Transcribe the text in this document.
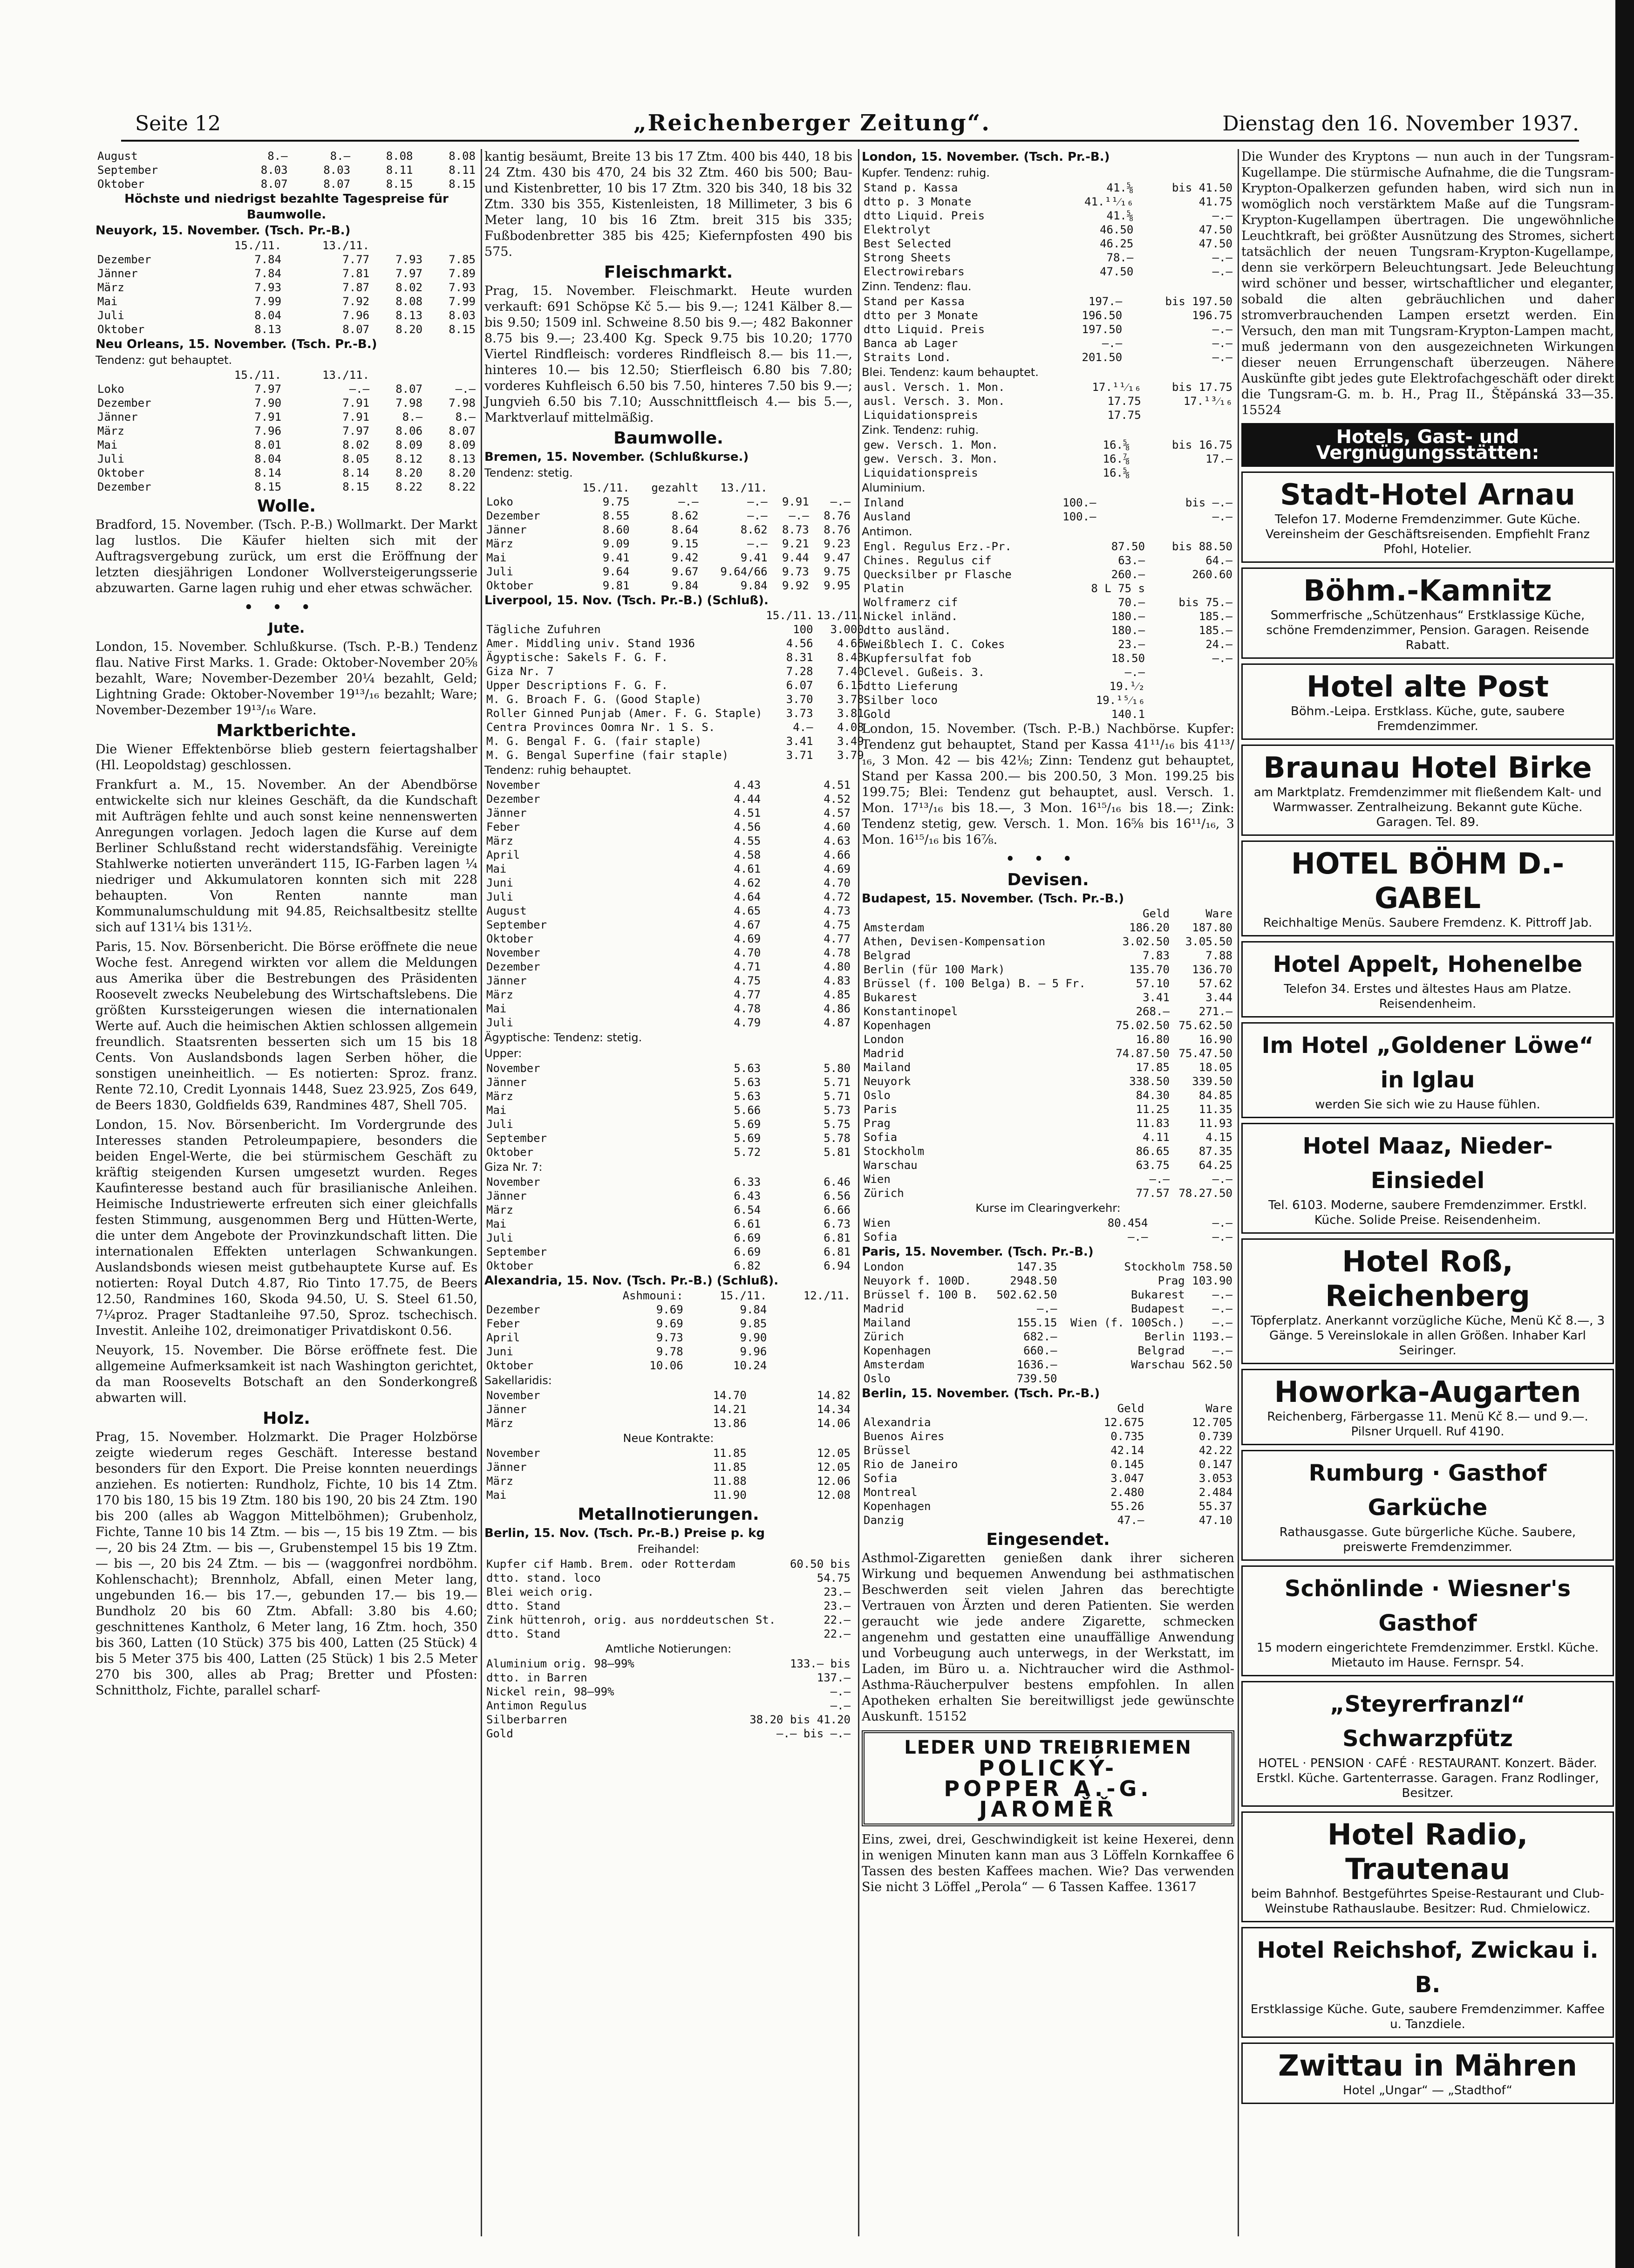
Seite 12	„Reichenberger Zeitung“.	Dienstag den 16. November 1937.
August	8.—	8.—	8.08	8.08
September	8.03	8.03	8.11	8.11
Oktober	8.07	8.07	8.15	8.15
Höchste und niedrigst bezahlte Tagespreise für Baumwolle.
Neuyork, 15. November. (Tsch. Pr.-B.)
	15./11.	13./11.		
Dezember	7.84	7.77	7.93	7.85
Jänner	7.84	7.81	7.97	7.89
März	7.93	7.87	8.02	7.93
Mai	7.99	7.92	8.08	7.99
Juli	8.04	7.96	8.13	8.03
Oktober	8.13	8.07	8.20	8.15
Neu Orleans, 15. November. (Tsch. Pr.-B.)
Tendenz: gut behauptet.
	15./11.	13./11.		
Loko	7.97	—.—	8.07	—.—
Dezember	7.90	7.91	7.98	7.98
Jänner	7.91	7.91	8.—	8.—
März	7.96	7.97	8.06	8.07
Mai	8.01	8.02	8.09	8.09
Juli	8.04	8.05	8.12	8.13
Oktober	8.14	8.14	8.20	8.20
Dezember	8.15	8.15	8.22	8.22
Wolle.

Bradford, 15. November. (Tsch. P.-B.) Wollmarkt. Der Markt lag lustlos. Die Käufer hielten sich mit der Auftragsvergebung zurück, um erst die Eröffnung der letzten diesjährigen Londoner Wollversteigerungsserie abzuwarten. Garne lagen ruhig und eher etwas schwächer.

•••
Jute.

London, 15. November. Schlußkurse. (Tsch. P.-B.) Tendenz flau. Native First Marks. 1. Grade: Oktober-November 20⅝ bezahlt, Ware; November-Dezember 20¼ bezahlt, Geld; Lightning Grade: Oktober-November 19¹³/₁₆ bezahlt; Ware; November-Dezember 19¹³/₁₆ Ware.

Marktberichte.

Die Wiener Effektenbörse blieb gestern feiertagshalber (Hl. Leopoldstag) geschlossen.

Frankfurt a. M., 15. November. An der Abendbörse entwickelte sich nur kleines Geschäft, da die Kundschaft mit Aufträgen fehlte und auch sonst keine nennenswerten Anregungen vorlagen. Jedoch lagen die Kurse auf dem Berliner Schlußstand recht widerstandsfähig. Vereinigte Stahlwerke notierten unverändert 115, IG-Farben lagen ¼ niedriger und Akkumulatoren konnten sich mit 228 behaupten. Von Renten nannte man Kommunalumschuldung mit 94.85, Reichsaltbesitz stellte sich auf 131¼ bis 131½.

Paris, 15. Nov. Börsenbericht. Die Börse eröffnete die neue Woche fest. Anregend wirkten vor allem die Meldungen aus Amerika über die Bestrebungen des Präsidenten Roosevelt zwecks Neubelebung des Wirtschaftslebens. Die größten Kurssteigerungen wiesen die internationalen Werte auf. Auch die heimischen Aktien schlossen allgemein freundlich. Staatsrenten besserten sich um 15 bis 18 Cents. Von Auslandsbonds lagen Serben höher, die sonstigen uneinheitlich. — Es notierten: Sproz. franz. Rente 72.10, Credit Lyonnais 1448, Suez 23.925, Zos 649, de Beers 1830, Goldfields 639, Randmines 487, Shell 705.

London, 15. Nov. Börsenbericht. Im Vordergrunde des Interesses standen Petroleumpapiere, besonders die beiden Engel-Werte, die bei stürmischem Geschäft zu kräftig steigenden Kursen umgesetzt wurden. Reges Kaufinteresse bestand auch für brasilianische Anleihen. Heimische Industriewerte erfreuten sich einer gleichfalls festen Stimmung, ausgenommen Berg und Hütten-Werte, die unter dem Angebote der Provinzkundschaft litten. Die internationalen Effekten unterlagen Schwankungen. Auslandsbonds wiesen meist gutbehauptete Kurse auf. Es notierten: Royal Dutch 4.87, Rio Tinto 17.75, de Beers 12.50, Randmines 160, Skoda 94.50, U. S. Steel 61.50, 7¼proz. Prager Stadtanleihe 97.50, Sproz. tschechisch. Investit. Anleihe 102, dreimonatiger Privatdiskont 0.56.

Neuyork, 15. November. Die Börse eröffnete fest. Die allgemeine Aufmerksamkeit ist nach Washington gerichtet, da man Roosevelts Botschaft an den Sonderkongreß abwarten will.

Holz.

Prag, 15. November. Holzmarkt. Die Prager Holzbörse zeigte wiederum reges Geschäft. Interesse bestand besonders für den Export. Die Preise konnten neuerdings anziehen. Es notierten: Rundholz, Fichte, 10 bis 14 Ztm. 170 bis 180, 15 bis 19 Ztm. 180 bis 190, 20 bis 24 Ztm. 190 bis 200 (alles ab Waggon Mittelböhmen); Grubenholz, Fichte, Tanne 10 bis 14 Ztm. — bis —, 15 bis 19 Ztm. — bis —, 20 bis 24 Ztm. — bis —, Grubenstempel 15 bis 19 Ztm. — bis —, 20 bis 24 Ztm. — bis — (waggonfrei nordböhm. Kohlenschacht); Brennholz, Abfall, einen Meter lang, ungebunden 16.— bis 17.—, gebunden 17.— bis 19.— Bundholz 20 bis 60 Ztm. Abfall: 3.80 bis 4.60; geschnittenes Kantholz, 6 Meter lang, 16 Ztm. hoch, 350 bis 360, Latten (10 Stück) 375 bis 400, Latten (25 Stück) 4 bis 5 Meter 375 bis 400, Latten (25 Stück) 1 bis 2.5 Meter 270 bis 300, alles ab Prag; Bretter und Pfosten: Schnittholz, Fichte, parallel scharf-

kantig besäumt, Breite 13 bis 17 Ztm. 400 bis 440, 18 bis 24 Ztm. 430 bis 470, 24 bis 32 Ztm. 460 bis 500; Bau- und Kistenbretter, 10 bis 17 Ztm. 320 bis 340, 18 bis 32 Ztm. 330 bis 355, Kistenleisten, 18 Millimeter, 3 bis 6 Meter lang, 10 bis 16 Ztm. breit 315 bis 335; Fußbodenbretter 385 bis 425; Kiefernpfosten 490 bis 575.

Fleischmarkt.

Prag, 15. November. Fleischmarkt. Heute wurden verkauft: 691 Schöpse Kč 5.— bis 9.—; 1241 Kälber 8.— bis 9.50; 1509 inl. Schweine 8.50 bis 9.—; 482 Bakonner 8.75 bis 9.—; 23.400 Kg. Speck 9.75 bis 10.20; 1770 Viertel Rindfleisch: vorderes Rindfleisch 8.— bis 11.—, hinteres 10.— bis 12.50; Stierfleisch 6.80 bis 7.80; vorderes Kuhfleisch 6.50 bis 7.50, hinteres 7.50 bis 9.—; Jungvieh 6.50 bis 7.10; Ausschnittfleisch 4.— bis 5.—, Marktverlauf mittelmäßig.

Baumwolle.
Bremen, 15. November. (Schlußkurse.)
Tendenz: stetig.
	15./11.	gezahlt	13./11.		
Loko	9.75	—.—	—.—	9.91	—.—
Dezember	8.55	8.62	—.—	—.—	8.76
Jänner	8.60	8.64	8.62	8.73	8.76
März	9.09	9.15	—.—	9.21	9.23
Mai	9.41	9.42	9.41	9.44	9.47
Juli	9.64	9.67	9.64/66	9.73	9.75
Oktober	9.81	9.84	9.84	9.92	9.95
Liverpool, 15. Nov. (Tsch. Pr.-B.) (Schluß).
	15./11.	13./11.
Tägliche Zufuhren	100	3.000
Amer. Middling univ. Stand 1936	4.56	4.66
Ägyptische: Sakels F. G. F.	8.31	8.43
Giza Nr. 7	7.28	7.40
Upper Descriptions F. G. F.	6.07	6.15
M. G. Broach F. G. (Good Staple)	3.70	3.78
Roller Ginned Punjab (Amer. F. G. Staple)	3.73	3.81
Centra Provinces Oomra Nr. 1 S. S.	4.—	4.08
M. G. Bengal F. G. (fair staple)	3.41	3.49
M. G. Bengal Superfine (fair staple)	3.71	3.79
Tendenz: ruhig behauptet.
November	4.43	4.51
Dezember	4.44	4.52
Jänner	4.51	4.57
Feber	4.56	4.60
März	4.55	4.63
April	4.58	4.66
Mai	4.61	4.69
Juni	4.62	4.70
Juli	4.64	4.72
August	4.65	4.73
September	4.67	4.75
Oktober	4.69	4.77
November	4.70	4.78
Dezember	4.71	4.80
Jänner	4.75	4.83
März	4.77	4.85
Mai	4.78	4.86
Juli	4.79	4.87
Ägyptische: Tendenz: stetig.
Upper:
November	5.63	5.80
Jänner	5.63	5.71
März	5.63	5.71
Mai	5.66	5.73
Juli	5.69	5.75
September	5.69	5.78
Oktober	5.72	5.81
Giza Nr. 7:
November	6.33	6.46
Jänner	6.43	6.56
März	6.54	6.66
Mai	6.61	6.73
Juli	6.69	6.81
September	6.69	6.81
Oktober	6.82	6.94
Alexandria, 15. Nov. (Tsch. Pr.-B.) (Schluß).
	Ashmouni:	15./11.	12./11.
Dezember	9.69	9.84	
Feber	9.69	9.85	
April	9.73	9.90	
Juni	9.78	9.96	
Oktober	10.06	10.24	
Sakellaridis:
November	14.70	14.82
Jänner	14.21	14.34
März	13.86	14.06
Neue Kontrakte:
November	11.85	12.05
Jänner	11.85	12.05
März	11.88	12.06
Mai	11.90	12.08
Metallnotierungen.
Berlin, 15. Nov. (Tsch. Pr.-B.) Preise p. kg
Freihandel:
Kupfer cif Hamb. Brem. oder Rotterdam	60.50 bis
dtto. stand. loco	54.75
Blei weich orig.	23.—
dtto. Stand	23.—
Zink hüttenroh, orig. aus norddeutschen St.	22.—
dtto. Stand	22.—
Amtliche Notierungen:
Aluminium orig. 98—99%	133.— bis
dtto. in Barren	137.—
Nickel rein, 98—99%	—.—
Antimon Regulus	—.—
Silberbarren	38.20 bis 41.20
Gold	—.— bis —.—
London, 15. November. (Tsch. Pr.-B.)
Kupfer. Tendenz: ruhig.
Stand p. Kassa	41.⅝	bis 41.50
dtto p. 3 Monate	41.¹¹⁄₁₆	41.75
dtto Liquid. Preis	41.⅝	—.—
Elektrolyt	46.50	47.50
Best Selected	46.25	47.50
Strong Sheets	78.—	—.—
Electrowirebars	47.50	—.—
Zinn. Tendenz: flau.
Stand per Kassa	197.—	bis 197.50
dtto per 3 Monate	196.50	196.75
dtto Liquid. Preis	197.50	—.—
Banca ab Lager	—.—	—.—
Straits Lond.	201.50	—.—
Blei. Tendenz: kaum behauptet.
ausl. Versch. 1. Mon.	17.¹¹⁄₁₆	bis 17.75
ausl. Versch. 3. Mon.	17.75	17.¹³⁄₁₆
Liquidationspreis	17.75	
Zink. Tendenz: ruhig.
gew. Versch. 1. Mon.	16.⅝	bis 16.75
gew. Versch. 3. Mon.	16.⅞	17.—
Liquidationspreis	16.⅝	
Aluminium.
Inland	100.—	bis —.—
Ausland	100.—	—.—
Antimon.
Engl. Regulus Erz.-Pr.	87.50	bis 88.50
Chines. Regulus cif	63.—	64.—
Quecksilber pr Flasche	260.—	260.60
Platin	8 L 75 s	
Wolframerz cif	70.—	bis 75.—
Nickel inländ.	180.—	185.—
dtto ausländ.	180.—	185.—
Weißblech I. C. Cokes	23.—	24.—
Kupfersulfat fob	18.50	—.—
Clevel. Gußeis. 3.	—.—	
dtto Lieferung	19.¹⁄₂	
Silber loco	19.¹⁵⁄₁₆	
Gold	140.1	

London, 15. November. (Tsch. P.-B.) Nachbörse. Kupfer: Tendenz gut behauptet, Stand per Kassa 41¹¹/₁₆ bis 41¹³/₁₆, 3 Mon. 42 — bis 42⅛; Zinn: Tendenz gut behauptet, Stand per Kassa 200.— bis 200.50, 3 Mon. 199.25 bis 199.75; Blei: Tendenz gut behauptet, ausl. Versch. 1. Mon. 17¹³/₁₆ bis 18.—, 3 Mon. 16¹⁵/₁₆ bis 18.—; Zink: Tendenz stetig, gew. Versch. 1. Mon. 16⅝ bis 16¹¹/₁₆, 3 Mon. 16¹⁵/₁₆ bis 16⅞.

•••
Devisen.
Budapest, 15. November. (Tsch. Pr.-B.)
	Geld	Ware
Amsterdam	186.20	187.80
Athen, Devisen-Kompensation	3.02.50	3.05.50
Belgrad	7.83	7.88
Berlin (für 100 Mark)	135.70	136.70
Brüssel (f. 100 Belga) B. — 5 Fr.	57.10	57.62
Bukarest	3.41	3.44
Konstantinopel	268.—	271.—
Kopenhagen	75.02.50	75.62.50
London	16.80	16.90
Madrid	74.87.50	75.47.50
Mailand	17.85	18.05
Neuyork	338.50	339.50
Oslo	84.30	84.85
Paris	11.25	11.35
Prag	11.83	11.93
Sofia	4.11	4.15
Stockholm	86.65	87.35
Warschau	63.75	64.25
Wien	—.—	—.—
Zürich	77.57	78.27.50
Kurse im Clearingverkehr:
Wien	80.454	—.—
Sofia	—.—	—.—
Paris, 15. November. (Tsch. Pr.-B.)
London	147.35	Stockholm	758.50
Neuyork f. 100D.	2948.50	Prag	103.90
Brüssel f. 100 B.	502.62.50	Bukarest	—.—
Madrid	—.—	Budapest	—.—
Mailand	155.15	Wien (f. 100Sch.)	—.—
Zürich	682.—	Berlin	1193.—
Kopenhagen	660.—	Belgrad	—.—
Amsterdam	1636.—	Warschau	562.50
Oslo	739.50		
Berlin, 15. November. (Tsch. Pr.-B.)
	Geld	Ware
Alexandria	12.675	12.705
Buenos Aires	0.735	0.739
Brüssel	42.14	42.22
Rio de Janeiro	0.145	0.147
Sofia	3.047	3.053
Montreal	2.480	2.484
Kopenhagen	55.26	55.37
Danzig	47.—	47.10
Eingesendet.

Asthmol-Zigaretten genießen dank ihrer sicheren Wirkung und bequemen Anwendung bei asthmatischen Beschwerden seit vielen Jahren das berechtigte Vertrauen von Ärzten und deren Patienten. Sie werden geraucht wie jede andere Zigarette, schmecken angenehm und gestatten eine unauffällige Anwendung und Vorbeugung auch unterwegs, in der Werkstatt, im Laden, im Büro u. a. Nichtraucher wird die Asthmol-Asthma-Räucherpulver bestens empfohlen. In allen Apotheken erhalten Sie bereitwilligst jede gewünschte Auskunft. 15152

LEDER UND TREIBRIEMEN
POLICKÝ-
POPPER A.-G.
JAROMĚŘ

Eins, zwei, drei, Geschwindigkeit ist keine Hexerei, denn in wenigen Minuten kann man aus 3 Löffeln Kornkaffee 6 Tassen des besten Kaffees machen. Wie? Das verwenden Sie nicht 3 Löffel „Perola“ — 6 Tassen Kaffee. 13617

Die Wunder des Kryptons — nun auch in der Tungsram-Kugellampe. Die stürmische Aufnahme, die die Tungsram-Krypton-Opalkerzen gefunden haben, wird sich nun in womöglich noch verstärktem Maße auf die Tungsram-Krypton-Kugellampen übertragen. Die ungewöhnliche Leuchtkraft, bei größter Ausnützung des Stromes, sichert tatsächlich der neuen Tungsram-Krypton-Kugellampe, denn sie verkörpern Beleuchtungsart. Jede Beleuchtung wird schöner und besser, wirtschaftlicher und eleganter, sobald die alten gebräuchlichen und daher stromverbrauchenden Lampen ersetzt werden. Ein Versuch, den man mit Tungsram-Krypton-Lampen macht, muß jedermann von den ausgezeichneten Wirkungen dieser neuen Errungenschaft überzeugen. Nähere Auskünfte gibt jedes gute Elektrofachgeschäft oder direkt die Tungsram-G. m. b. H., Prag II., Štěpánská 33—35. 15524

Hotels, Gast- und Vergnügungsstätten:
Stadt-Hotel Arnau
Telefon 17. Moderne Fremdenzimmer. Gute Küche. Vereinsheim der Geschäftsreisenden. Empfiehlt Franz Pfohl, Hotelier.
Böhm.-Kamnitz
Sommerfrische „Schützenhaus“ Erstklassige Küche, schöne Fremdenzimmer, Pension. Garagen. Reisende Rabatt.
Hotel alte Post
Böhm.-Leipa. Erstklass. Küche, gute, saubere Fremdenzimmer.
Braunau Hotel Birke
am Marktplatz. Fremdenzimmer mit fließendem Kalt- und Warmwasser. Zentralheizung. Bekannt gute Küche. Garagen. Tel. 89.
HOTEL BÖHM D.-GABEL
Reichhaltige Menüs. Saubere Fremdenz. K. Pittroff Jab.
Hotel Appelt, Hohenelbe
Telefon 34. Erstes und ältestes Haus am Platze. Reisendenheim.
Im Hotel „Goldener Löwe“ in Iglau
werden Sie sich wie zu Hause fühlen.
Hotel Maaz, Nieder-Einsiedel
Tel. 6103. Moderne, saubere Fremdenzimmer. Erstkl. Küche. Solide Preise. Reisendenheim.
Hotel Roß, Reichenberg
Töpferplatz. Anerkannt vorzügliche Küche, Menü Kč 8.—, 3 Gänge. 5 Vereinslokale in allen Größen. Inhaber Karl Seiringer.
Howorka-Augarten
Reichenberg, Färbergasse 11. Menü Kč 8.— und 9.—. Pilsner Urquell. Ruf 4190.
Rumburg · Gasthof Garküche
Rathausgasse. Gute bürgerliche Küche. Saubere, preiswerte Fremdenzimmer.
Schönlinde · Wiesner's Gasthof
15 modern eingerichtete Fremdenzimmer. Erstkl. Küche. Mietauto im Hause. Fernspr. 54.
„Steyrerfranzl“ Schwarzpfütz
HOTEL · PENSION · CAFÉ · RESTAURANT. Konzert. Bäder. Erstkl. Küche. Gartenterrasse. Garagen. Franz Rodlinger, Besitzer.
Hotel Radio, Trautenau
beim Bahnhof. Bestgeführtes Speise-Restaurant und Club-Weinstube Rathauslaube. Besitzer: Rud. Chmielowicz.
Hotel Reichshof, Zwickau i. B.
Erstklassige Küche. Gute, saubere Fremdenzimmer. Kaffee u. Tanzdiele.
Zwittau in Mähren
Hotel „Ungar“ — „Stadthof“
